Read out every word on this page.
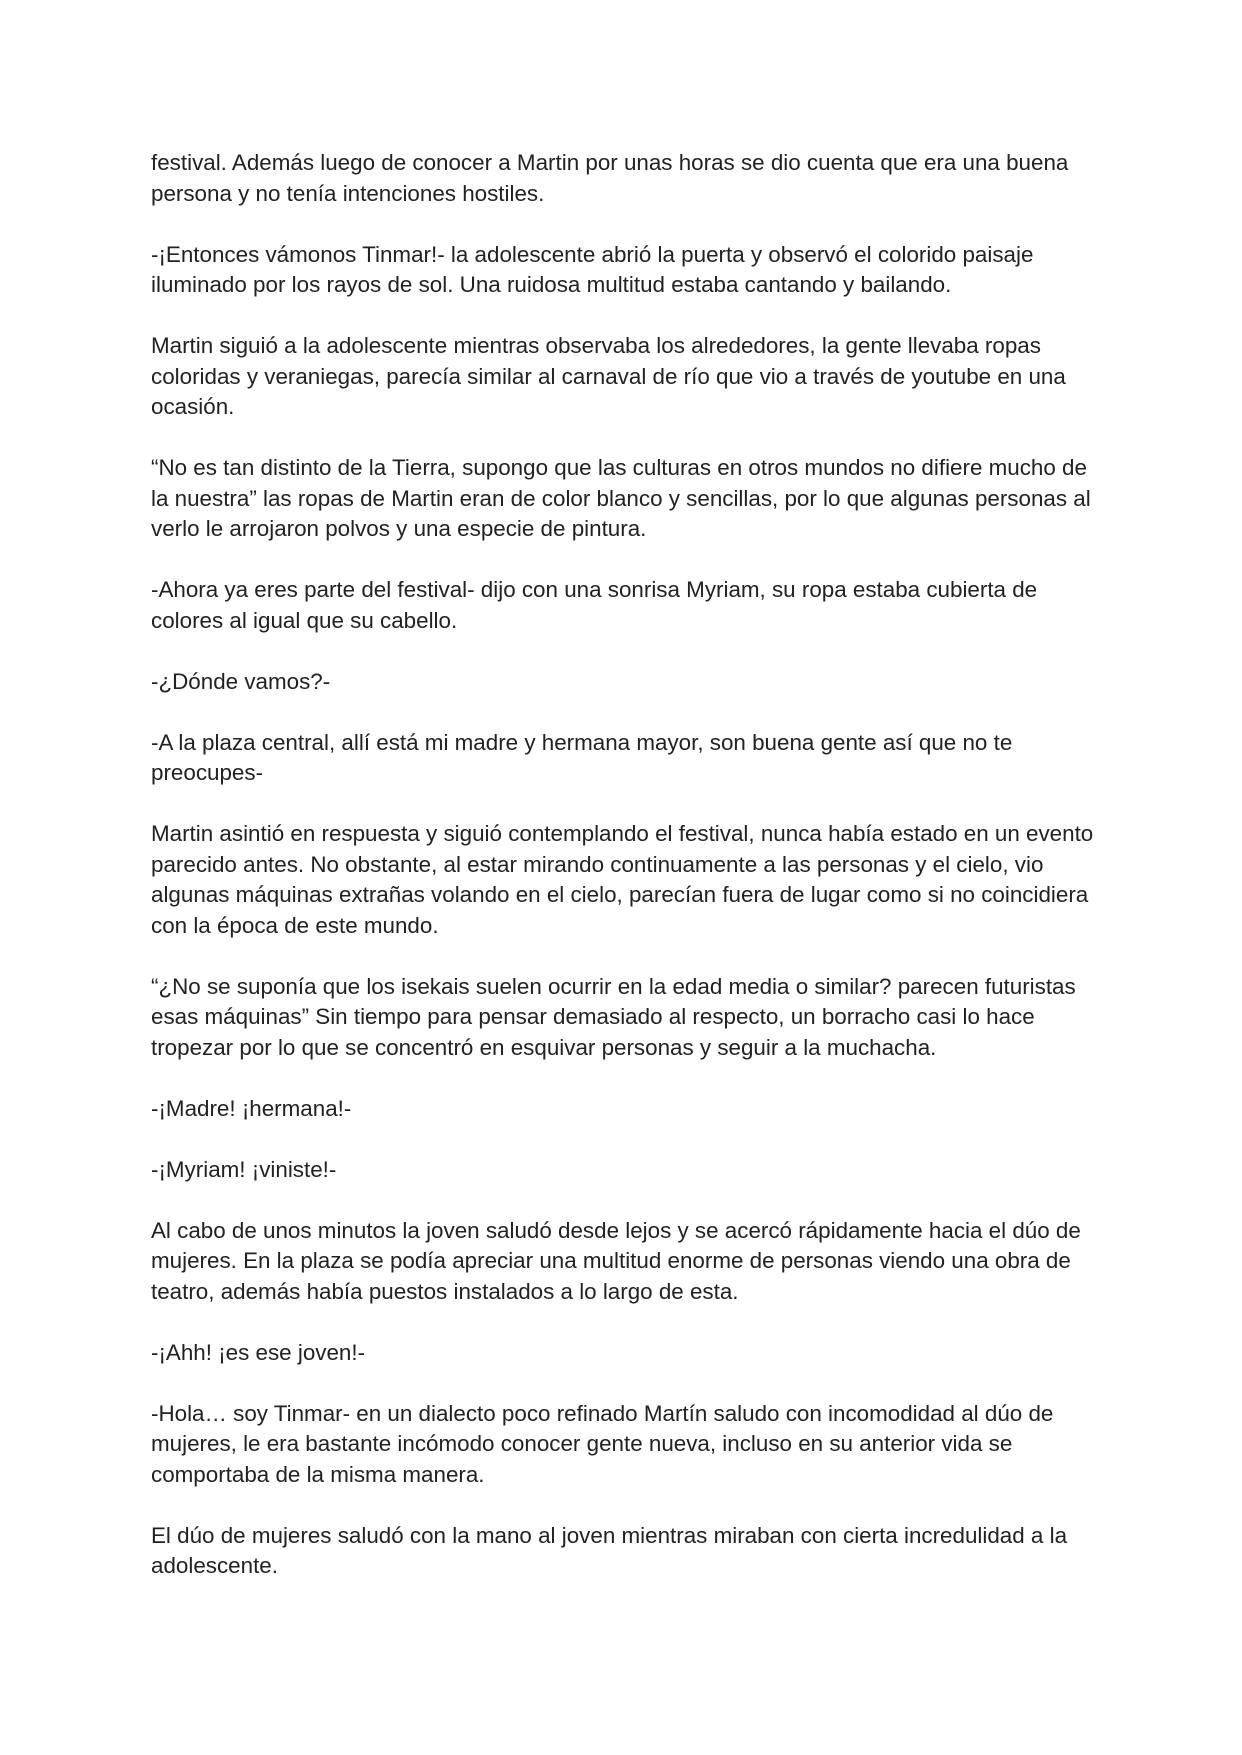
festival. Además luego de conocer a Martin por unas horas se dio cuenta que era una buena persona y no tenía intenciones hostiles.

-¡Entonces vámonos Tinmar!- la adolescente abrió la puerta y observó el colorido paisaje iluminado por los rayos de sol. Una ruidosa multitud estaba cantando y bailando.

Martin siguió a la adolescente mientras observaba los alrededores, la gente llevaba ropas coloridas y veraniegas, parecía similar al carnaval de río que vio a través de youtube en una ocasión.

“No es tan distinto de la Tierra, supongo que las culturas en otros mundos no difiere mucho de la nuestra” las ropas de Martin eran de color blanco y sencillas, por lo que algunas personas al verlo le arrojaron polvos y una especie de pintura.

-Ahora ya eres parte del festival- dijo con una sonrisa Myriam, su ropa estaba cubierta de colores al igual que su cabello.

-¿Dónde vamos?-

-A la plaza central, allí está mi madre y hermana mayor, son buena gente así que no te preocupes-

Martin asintió en respuesta y siguió contemplando el festival, nunca había estado en un evento parecido antes. No obstante, al estar mirando continuamente a las personas y el cielo, vio algunas máquinas extrañas volando en el cielo, parecían fuera de lugar como si no coincidiera con la época de este mundo.

“¿No se suponía que los isekais suelen ocurrir en la edad media o similar? parecen futuristas esas máquinas” Sin tiempo para pensar demasiado al respecto, un borracho casi lo hace tropezar por lo que se concentró en esquivar personas y seguir a la muchacha.

-¡Madre! ¡hermana!-

-¡Myriam! ¡viniste!-

Al cabo de unos minutos la joven saludó desde lejos y se acercó rápidamente hacia el dúo de mujeres. En la plaza se podía apreciar una multitud enorme de personas viendo una obra de teatro, además había puestos instalados a lo largo de esta.

-¡Ahh! ¡es ese joven!-

-Hola… soy Tinmar- en un dialecto poco refinado Martín saludo con incomodidad al dúo de mujeres, le era bastante incómodo conocer gente nueva, incluso en su anterior vida se comportaba de la misma manera.

El dúo de mujeres saludó con la mano al joven mientras miraban con cierta incredulidad a la adolescente.
